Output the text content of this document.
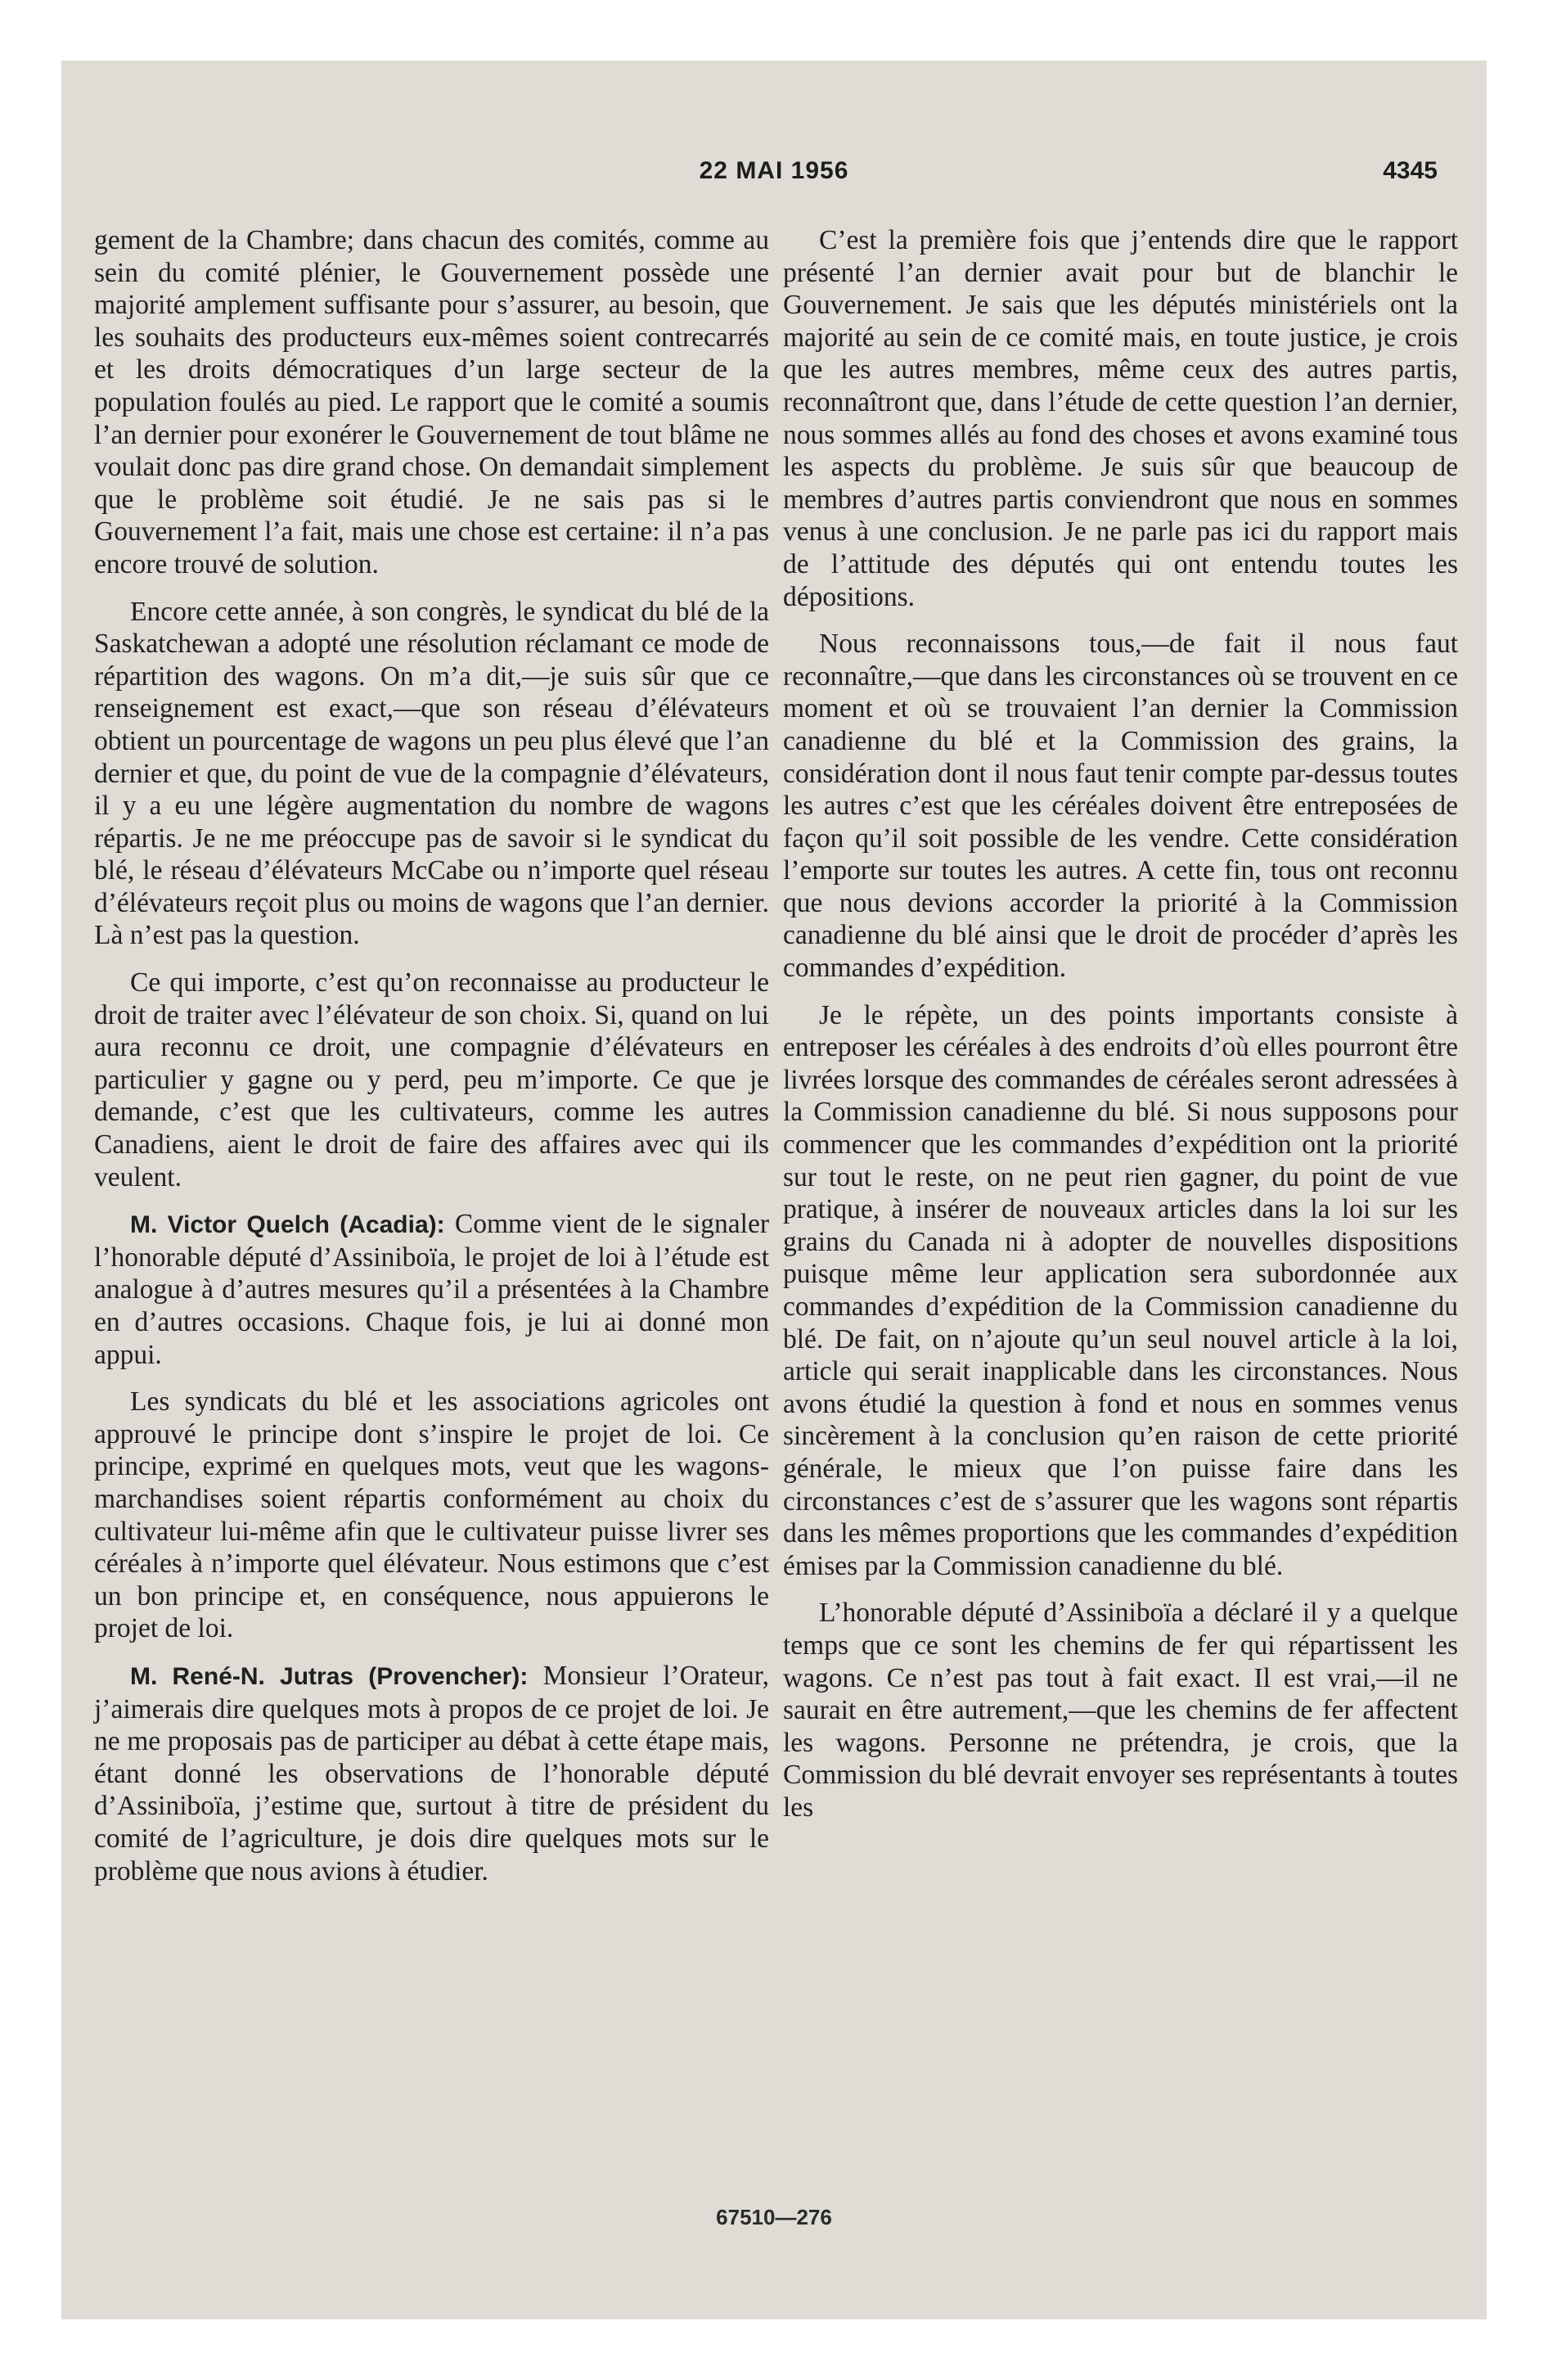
22 MAI 1956	4345

gement de la Chambre; dans chacun des comités, comme au sein du comité plénier, le Gouvernement possède une majorité amplement suffisante pour s’assurer, au besoin, que les souhaits des producteurs eux-mêmes soient contrecarrés et les droits démocratiques d’un large secteur de la population foulés au pied. Le rapport que le comité a soumis l’an dernier pour exonérer le Gouvernement de tout blâme ne voulait donc pas dire grand chose. On demandait simplement que le problème soit étudié. Je ne sais pas si le Gouvernement l’a fait, mais une chose est certaine: il n’a pas encore trouvé de solution.

Encore cette année, à son congrès, le syndicat du blé de la Saskatchewan a adopté une résolution réclamant ce mode de répartition des wagons. On m’a dit,—je suis sûr que ce renseignement est exact,—que son réseau d’élévateurs obtient un pourcentage de wagons un peu plus élevé que l’an dernier et que, du point de vue de la compagnie d’élévateurs, il y a eu une légère augmentation du nombre de wagons répartis. Je ne me préoccupe pas de savoir si le syndicat du blé, le réseau d’élévateurs McCabe ou n’importe quel réseau d’élévateurs reçoit plus ou moins de wagons que l’an dernier. Là n’est pas la question.

Ce qui importe, c’est qu’on reconnaisse au producteur le droit de traiter avec l’élévateur de son choix. Si, quand on lui aura reconnu ce droit, une compagnie d’élévateurs en particulier y gagne ou y perd, peu m’importe. Ce que je demande, c’est que les cultivateurs, comme les autres Canadiens, aient le droit de faire des affaires avec qui ils veulent.

M. Victor Quelch (Acadia): Comme vient de le signaler l’honorable député d’Assiniboïa, le projet de loi à l’étude est analogue à d’autres mesures qu’il a présentées à la Chambre en d’autres occasions. Chaque fois, je lui ai donné mon appui.

Les syndicats du blé et les associations agricoles ont approuvé le principe dont s’inspire le projet de loi. Ce principe, exprimé en quelques mots, veut que les wagons-marchandises soient répartis conformément au choix du cultivateur lui-même afin que le cultivateur puisse livrer ses céréales à n’importe quel élévateur. Nous estimons que c’est un bon principe et, en conséquence, nous appuierons le projet de loi.

M. René-N. Jutras (Provencher): Monsieur l’Orateur, j’aimerais dire quelques mots à propos de ce projet de loi. Je ne me proposais pas de participer au débat à cette étape mais, étant donné les observations de l’honorable député d’Assiniboïa, j’estime que, surtout à titre de président du comité de l’agriculture, je dois dire quelques mots sur le problème que nous avions à étudier.

C’est la première fois que j’entends dire que le rapport présenté l’an dernier avait pour but de blanchir le Gouvernement. Je sais que les députés ministériels ont la majorité au sein de ce comité mais, en toute justice, je crois que les autres membres, même ceux des autres partis, reconnaîtront que, dans l’étude de cette question l’an dernier, nous sommes allés au fond des choses et avons examiné tous les aspects du problème. Je suis sûr que beaucoup de membres d’autres partis conviendront que nous en sommes venus à une conclusion. Je ne parle pas ici du rapport mais de l’attitude des députés qui ont entendu toutes les dépositions.

Nous reconnaissons tous,—de fait il nous faut reconnaître,—que dans les circonstances où se trouvent en ce moment et où se trouvaient l’an dernier la Commission canadienne du blé et la Commission des grains, la considération dont il nous faut tenir compte par-dessus toutes les autres c’est que les céréales doivent être entreposées de façon qu’il soit possible de les vendre. Cette considération l’emporte sur toutes les autres. A cette fin, tous ont reconnu que nous devions accorder la priorité à la Commission canadienne du blé ainsi que le droit de procéder d’après les commandes d’expédition.

Je le répète, un des points importants consiste à entreposer les céréales à des endroits d’où elles pourront être livrées lorsque des commandes de céréales seront adressées à la Commission canadienne du blé. Si nous supposons pour commencer que les commandes d’expédition ont la priorité sur tout le reste, on ne peut rien gagner, du point de vue pratique, à insérer de nouveaux articles dans la loi sur les grains du Canada ni à adopter de nouvelles dispositions puisque même leur application sera subordonnée aux commandes d’expédition de la Commission canadienne du blé. De fait, on n’ajoute qu’un seul nouvel article à la loi, article qui serait inapplicable dans les circonstances. Nous avons étudié la question à fond et nous en sommes venus sincèrement à la conclusion qu’en raison de cette priorité générale, le mieux que l’on puisse faire dans les circonstances c’est de s’assurer que les wagons sont répartis dans les mêmes proportions que les commandes d’expédition émises par la Commission canadienne du blé.

L’honorable député d’Assiniboïa a déclaré il y a quelque temps que ce sont les chemins de fer qui répartissent les wagons. Ce n’est pas tout à fait exact. Il est vrai,—il ne saurait en être autrement,—que les chemins de fer affectent les wagons. Personne ne prétendra, je crois, que la Commission du blé devrait envoyer ses représentants à toutes les

67510—276
